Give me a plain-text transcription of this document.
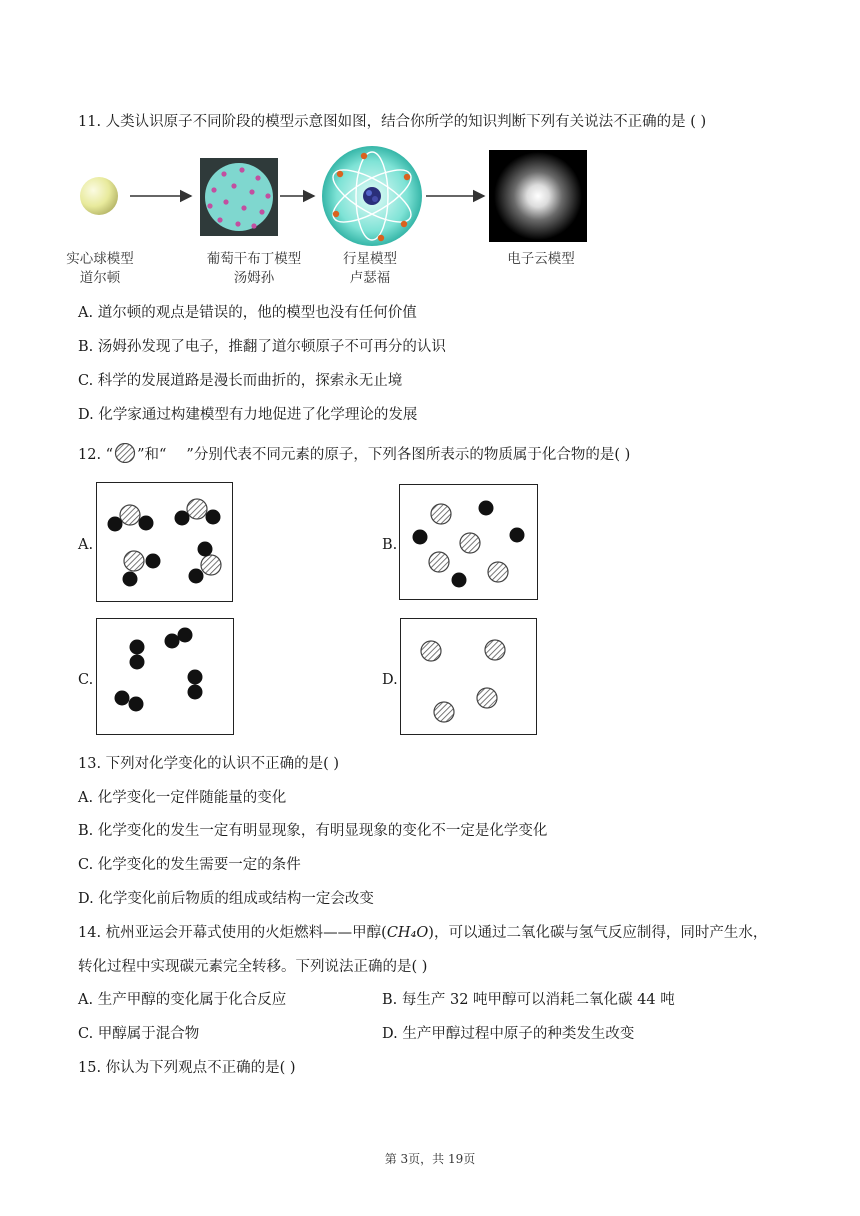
11. 人类认识原子不同阶段的模型示意图如图，结合你所学的知识判断下列有关说法不正确的是 ( )
实心球模型
道尔顿
葡萄干布丁模型
汤姆孙
行星模型
卢瑟福
电子云模型
A. 道尔顿的观点是错误的，他的模型也没有任何价值
B. 汤姆孙发现了电子，推翻了道尔顿原子不可再分的认识
C. 科学的发展道路是漫长而曲折的，探索永无止境
D. 化学家通过构建模型有力地促进了化学理论的发展
12. “ ”和“ ”分别代表不同元素的原子，下列各图所表示的物质属于化合物的是( )
A.	B.
C.	D.
13. 下列对化学变化的认识不正确的是( )
A. 化学变化一定伴随能量的变化
B. 化学变化的发生一定有明显现象，有明显现象的变化不一定是化学变化
C. 化学变化的发生需要一定的条件
D. 化学变化前后物质的组成或结构一定会改变
14. 杭州亚运会开幕式使用的火炬燃料——甲醇(CH₄O)，可以通过二氧化碳与氢气反应制得，同时产生水，
转化过程中实现碳元素完全转移。下列说法正确的是( )
A. 生产甲醇的变化属于化合反应	B. 每生产 32 吨甲醇可以消耗二氧化碳 44 吨
C. 甲醇属于混合物	D. 生产甲醇过程中原子的种类发生改变
15. 你认为下列观点不正确的是( )
第 3页，共 19页
